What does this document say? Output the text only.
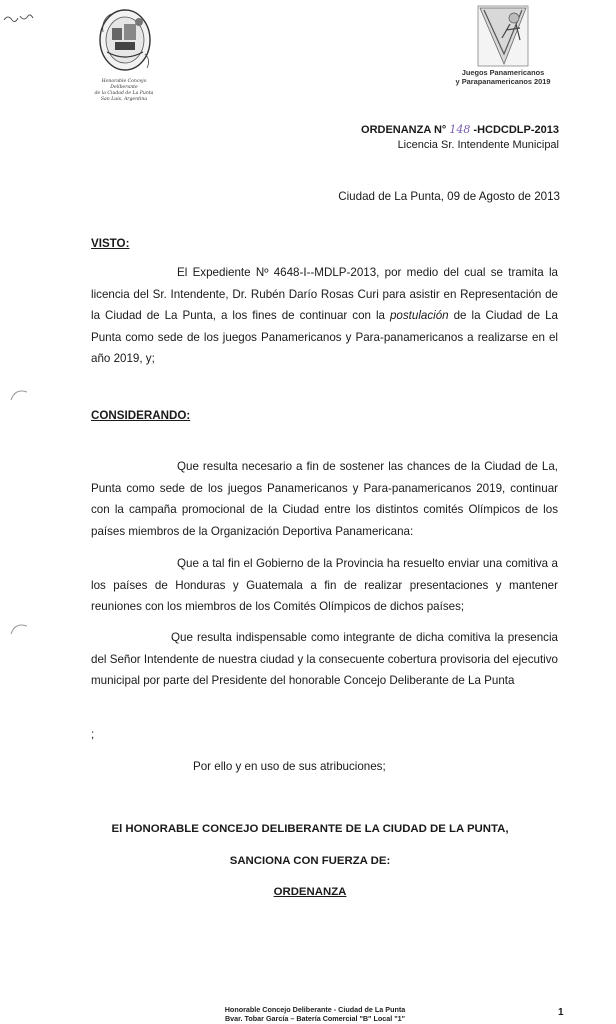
Honorable Concejo Deliberante
de la Ciudad de La Punta
San Luis, Argentina
Juegos Panamericanos
y Parapanamericanos 2019
ORDENANZA N° 148 -HCDCDLP-2013
Licencia Sr. Intendente Municipal
Ciudad de La Punta, 09 de Agosto de 2013
VISTO:

El Expediente Nº 4648-I--MDLP-2013, por medio del cual se tramita la licencia del Sr. Intendente, Dr. Rubén Darío Rosas Curi para asistir en Representación de la Ciudad de La Punta, a los fines de continuar con la postulación de la Ciudad de La Punta como sede de los juegos Panamericanos y Para-panamericanos a realizarse en el año 2019, y;

CONSIDERANDO:

Que resulta necesario a fin de sostener las chances de la Ciudad de La, Punta como sede de los juegos Panamericanos y Para-panamericanos 2019, continuar con la campaña promocional de la Ciudad entre los distintos comités Olímpicos de los países miembros de la Organización Deportiva Panamericana:

Que a tal fin el Gobierno de la Provincia ha resuelto enviar una comitiva a los países de Honduras y Guatemala a fin de realizar presentaciones y mantener reuniones con los miembros de los Comités Olímpicos de dichos países;

Que resulta indispensable como integrante de dicha comitiva la presencia del Señor Intendente de nuestra ciudad y la consecuente cobertura provisoria del ejecutivo municipal por parte del Presidente del honorable Concejo Deliberante de La Punta

;
Por ello y en uso de sus atribuciones;
El HONORABLE CONCEJO DELIBERANTE DE LA CIUDAD DE LA PUNTA,
SANCIONA CON FUERZA DE:
ORDENANZA
Honorable Concejo Deliberante - Ciudad de La Punta
Bvar. Tobar García – Batería Comercial "B" Local "1"
1
